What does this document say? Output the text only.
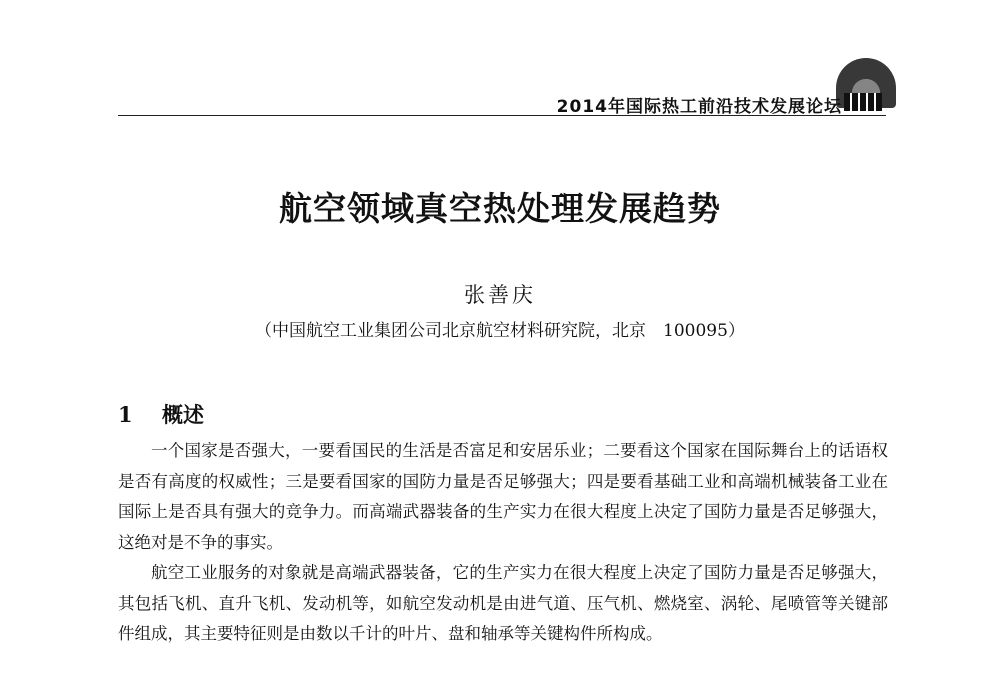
2014年国际热工前沿技术发展论坛
航空领域真空热处理发展趋势
张善庆
（中国航空工业集团公司北京航空材料研究院，北京　100095）
1 概述

一个国家是否强大，一要看国民的生活是否富足和安居乐业；二要看这个国家在国际舞台上的话语权是否有高度的权威性；三是要看国家的国防力量是否足够强大；四是要看基础工业和高端机械装备工业在国际上是否具有强大的竞争力。而高端武器装备的生产实力在很大程度上决定了国防力量是否足够强大，这绝对是不争的事实。

航空工业服务的对象就是高端武器装备，它的生产实力在很大程度上决定了国防力量是否足够强大，其包括飞机、直升飞机、发动机等，如航空发动机是由进气道、压气机、燃烧室、涡轮、尾喷管等关键部件组成，其主要特征则是由数以千计的叶片、盘和轴承等关键构件所构成。
